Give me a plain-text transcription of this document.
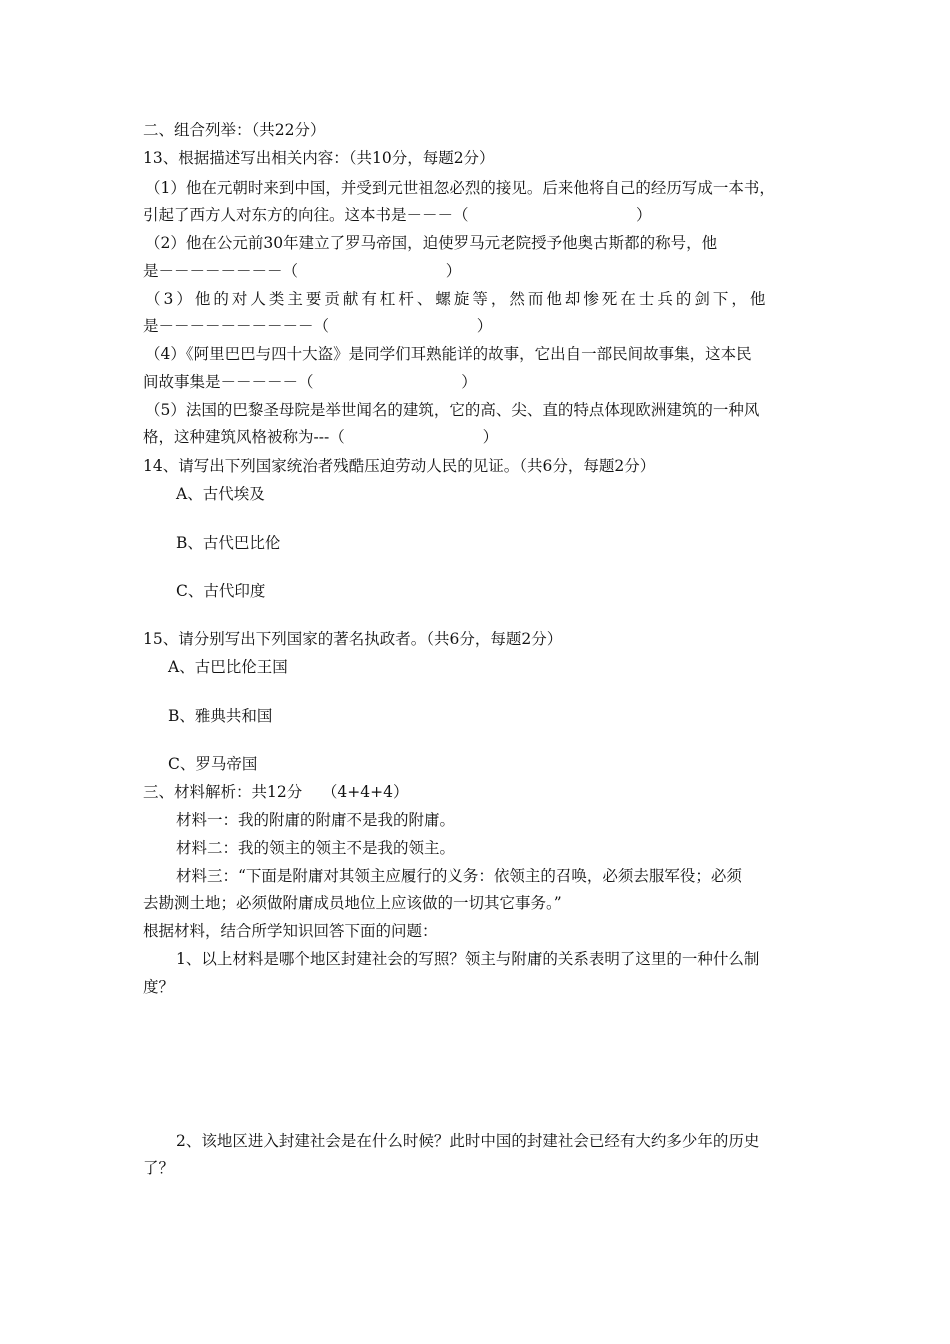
二、组合列举：（共22分）
13、根据描述写出相关内容：（共10分，每题2分）
（1）他在元朝时来到中国，并受到元世祖忽必烈的接见。后来他将自己的经历写成一本书，
引起了西方人对东方的向往。这本书是－－－（                                  ）
（2）他在公元前30年建立了罗马帝国，迫使罗马元老院授予他奥古斯都的称号，他
是－－－－－－－－（                              ）
（3）他的对人类主要贡献有杠杆、螺旋等，然而他却惨死在士兵的剑下，他
是－－－－－－－－－－（                              ）
（4）《阿里巴巴与四十大盗》是同学们耳熟能详的故事，它出自一部民间故事集，这本民
间故事集是－－－－－（                              ）
（5）法国的巴黎圣母院是举世闻名的建筑，它的高、尖、直的特点体现欧洲建筑的一种风
格，这种建筑风格被称为---（                            ）
14、请写出下列国家统治者残酷压迫劳动人民的见证。（共6分，每题2分）
A、古代埃及
B、古代巴比伦
C、古代印度
15、请分别写出下列国家的著名执政者。（共6分，每题2分）
A、古巴比伦王国
B、雅典共和国
C、罗马帝国
三、材料解析：共12分    （4+4+4）
材料一：我的附庸的附庸不是我的附庸。
材料二：我的领主的领主不是我的领主。
材料三：“下面是附庸对其领主应履行的义务：依领主的召唤，必须去服军役；必须
去勘测土地；必须做附庸成员地位上应该做的一切其它事务。”
根据材料，结合所学知识回答下面的问题：
1、以上材料是哪个地区封建社会的写照？领主与附庸的关系表明了这里的一种什么制
度？
2、该地区进入封建社会是在什么时候？此时中国的封建社会已经有大约多少年的历史
了？
